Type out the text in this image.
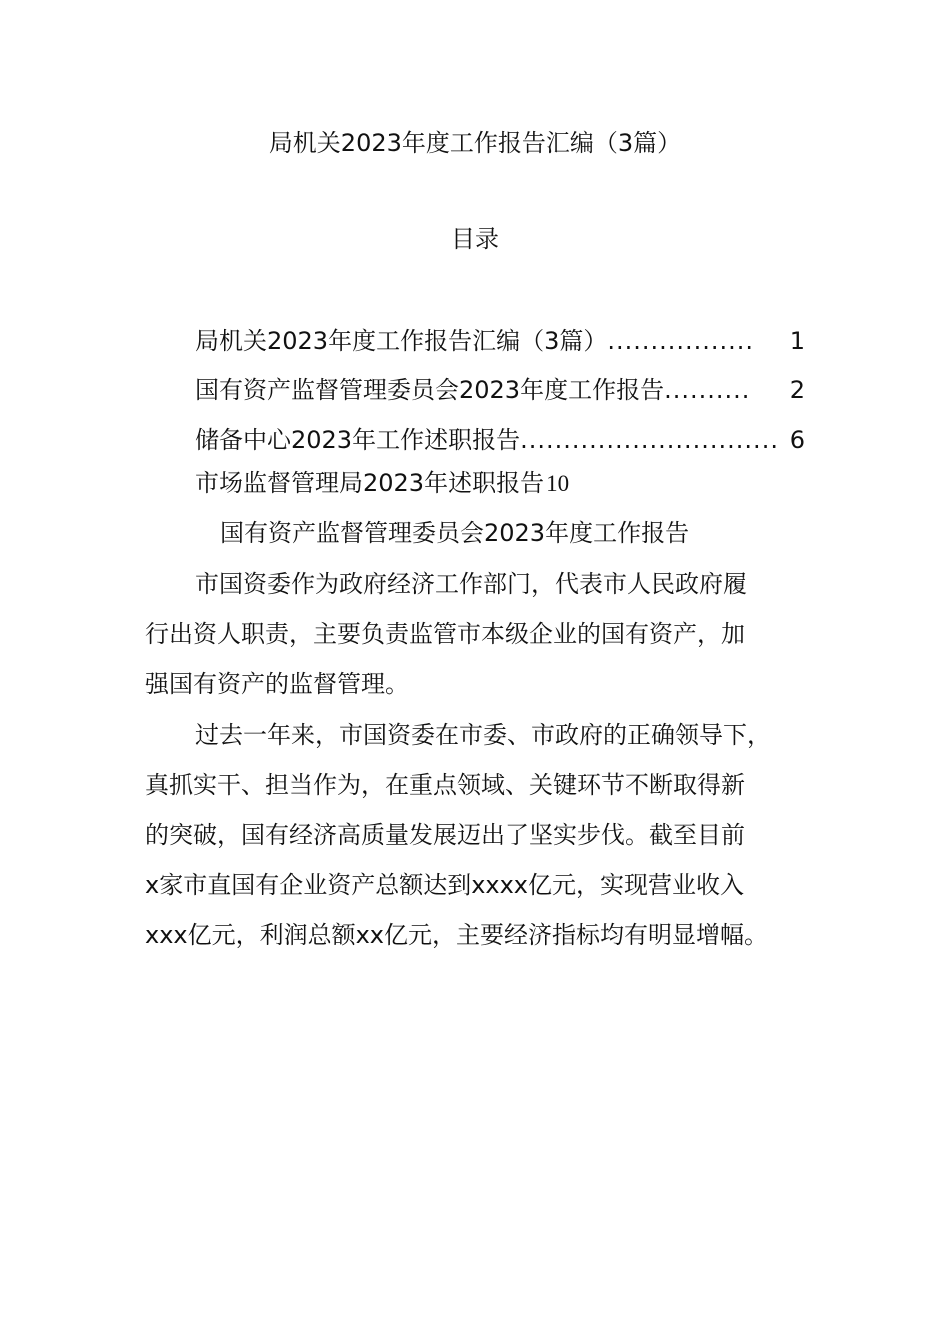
局机关2023年度工作报告汇编（3篇）
目录
局机关2023年度工作报告汇编（3篇） .................	1
国有资产监督管理委员会2023年度工作报告 ..........	2
储备中心2023年工作述职报告 .............................. 6
市场监督管理局2023年述职报告 10
国有资产监督管理委员会2023年度工作报告
市国资委作为政府经济工作部门，代表市人民政府履
行出资人职责，主要负责监管市本级企业的国有资产，加
强国有资产的监督管理。
过去一年来，市国资委在市委、市政府的正确领导下，
真抓实干、担当作为，在重点领域、关键环节不断取得新
的突破，国有经济高质量发展迈出了坚实步伐。截至目前
x家市直国有企业资产总额达到xxxx亿元，实现营业收入
xxx亿元，利润总额xx亿元，主要经济指标均有明显增幅。
